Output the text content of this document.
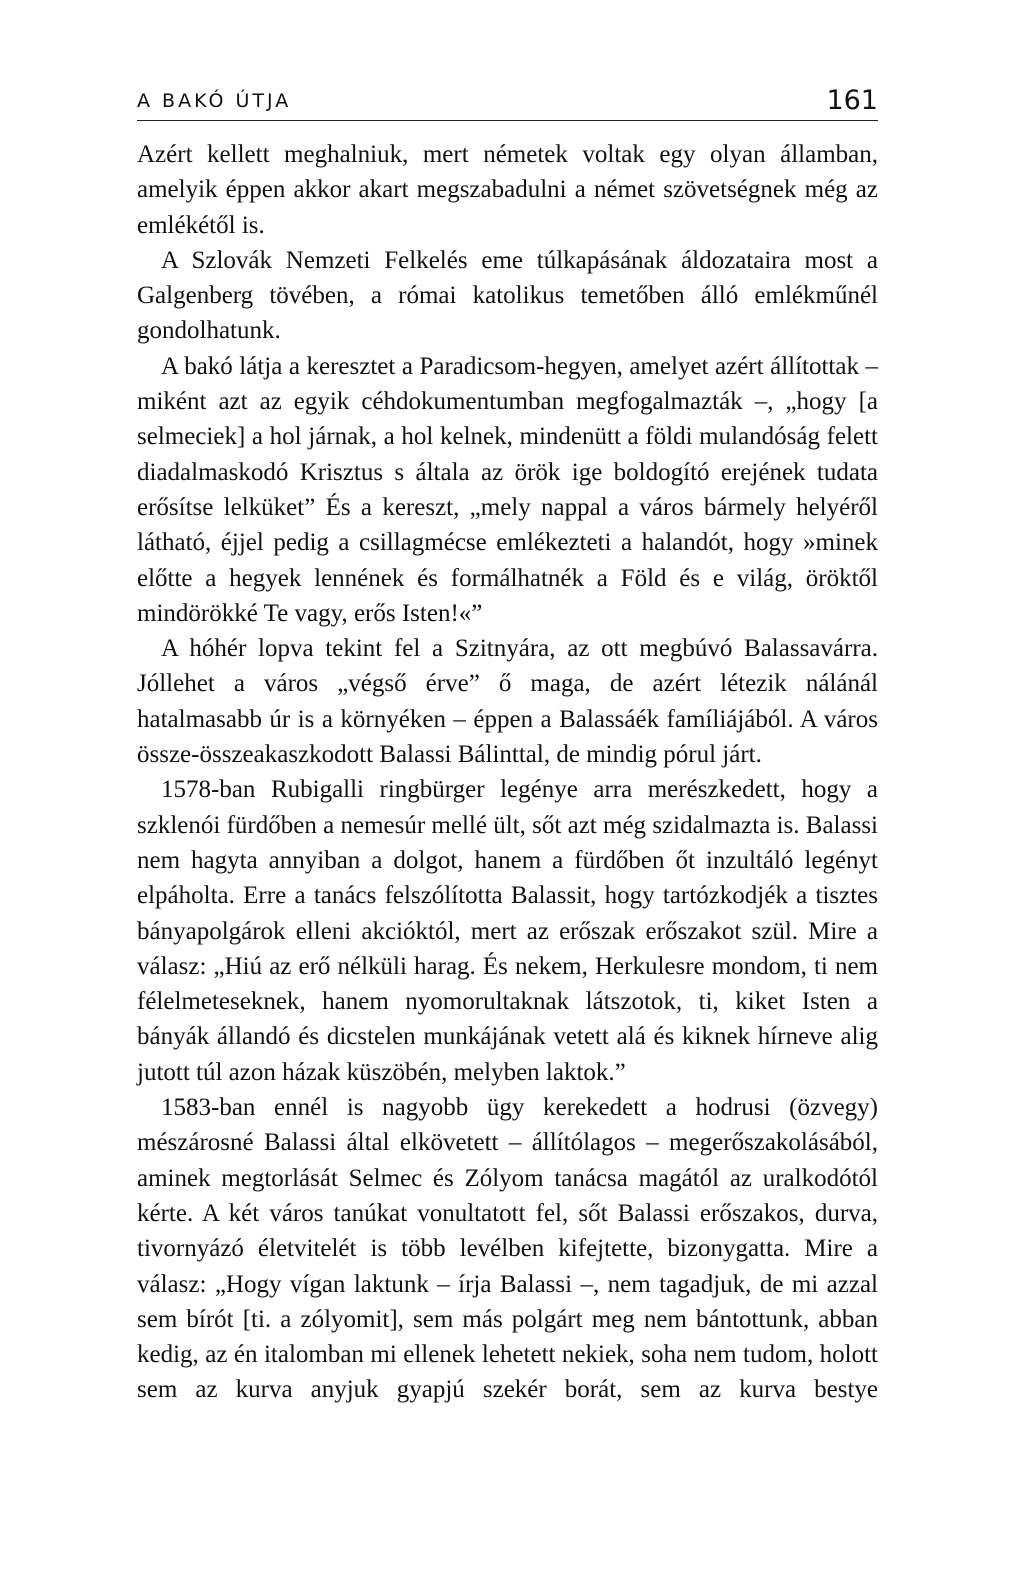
A BAKÓ ÚTJA	161

Azért kellett meghalniuk, mert németek voltak egy olyan államban, amelyik éppen akkor akart megszabadulni a német szövetségnek még az emlékétől is.

A Szlovák Nemzeti Felkelés eme túlkapásának áldozataira most a Galgenberg tövében, a római katolikus temetőben álló emlékműnél gondolhatunk.

A bakó látja a keresztet a Paradicsom-hegyen, amelyet azért állítottak – miként azt az egyik céhdokumentumban megfogalmazták –, „hogy [a selmeciek] a hol járnak, a hol kelnek, mindenütt a földi mulandóság felett diadalmaskodó Krisztus s általa az örök ige boldogító erejének tudata erősítse lelküket” És a kereszt, „mely nappal a város bármely helyéről látható, éjjel pedig a csillagmécse emlékezteti a halandót, hogy »minek előtte a hegyek lennének és formálhatnék a Föld és e világ, öröktől mindörökké Te vagy, erős Isten!«”

A hóhér lopva tekint fel a Szitnyára, az ott megbúvó Balassavárra. Jóllehet a város „végső érve” ő maga, de azért létezik nálánál hatalmasabb úr is a környéken – éppen a Balassáék famíliájából. A város össze-összeakaszkodott Balassi Bálinttal, de mindig pórul járt.

1578-ban Rubigalli ringbürger legénye arra merészkedett, hogy a szklenói fürdőben a nemesúr mellé ült, sőt azt még szidalmazta is. Balassi nem hagyta annyiban a dolgot, hanem a fürdőben őt inzultáló legényt elpáholta. Erre a tanács felszólította Balassit, hogy tartózkodjék a tisztes bányapolgárok elleni akcióktól, mert az erőszak erőszakot szül. Mire a válasz: „Hiú az erő nélküli harag. És nekem, Herkulesre mondom, ti nem félelmeteseknek, hanem nyomorultaknak látszotok, ti, kiket Isten a bányák állandó és dicstelen munkájának vetett alá és kiknek hírneve alig jutott túl azon házak küszöbén, melyben laktok.”

1583-ban ennél is nagyobb ügy kerekedett a hodrusi (özvegy) mészárosné Balassi által elkövetett – állítólagos – megerőszakolásából, aminek megtorlását Selmec és Zólyom tanácsa magától az uralkodótól kérte. A két város tanúkat vonultatott fel, sőt Balassi erőszakos, durva, tivornyázó életvitelét is több levélben kifejtette, bizonygatta. Mire a válasz: „Hogy vígan laktunk – írja Balassi –, nem tagadjuk, de mi azzal sem bírót [ti. a zólyomit], sem más polgárt meg nem bántottunk, abban kedig, az én italomban mi ellenek lehetett nekiek, soha nem tudom, holott sem az kurva anyjuk gyapjú szekér borát, sem az kurva bestye
